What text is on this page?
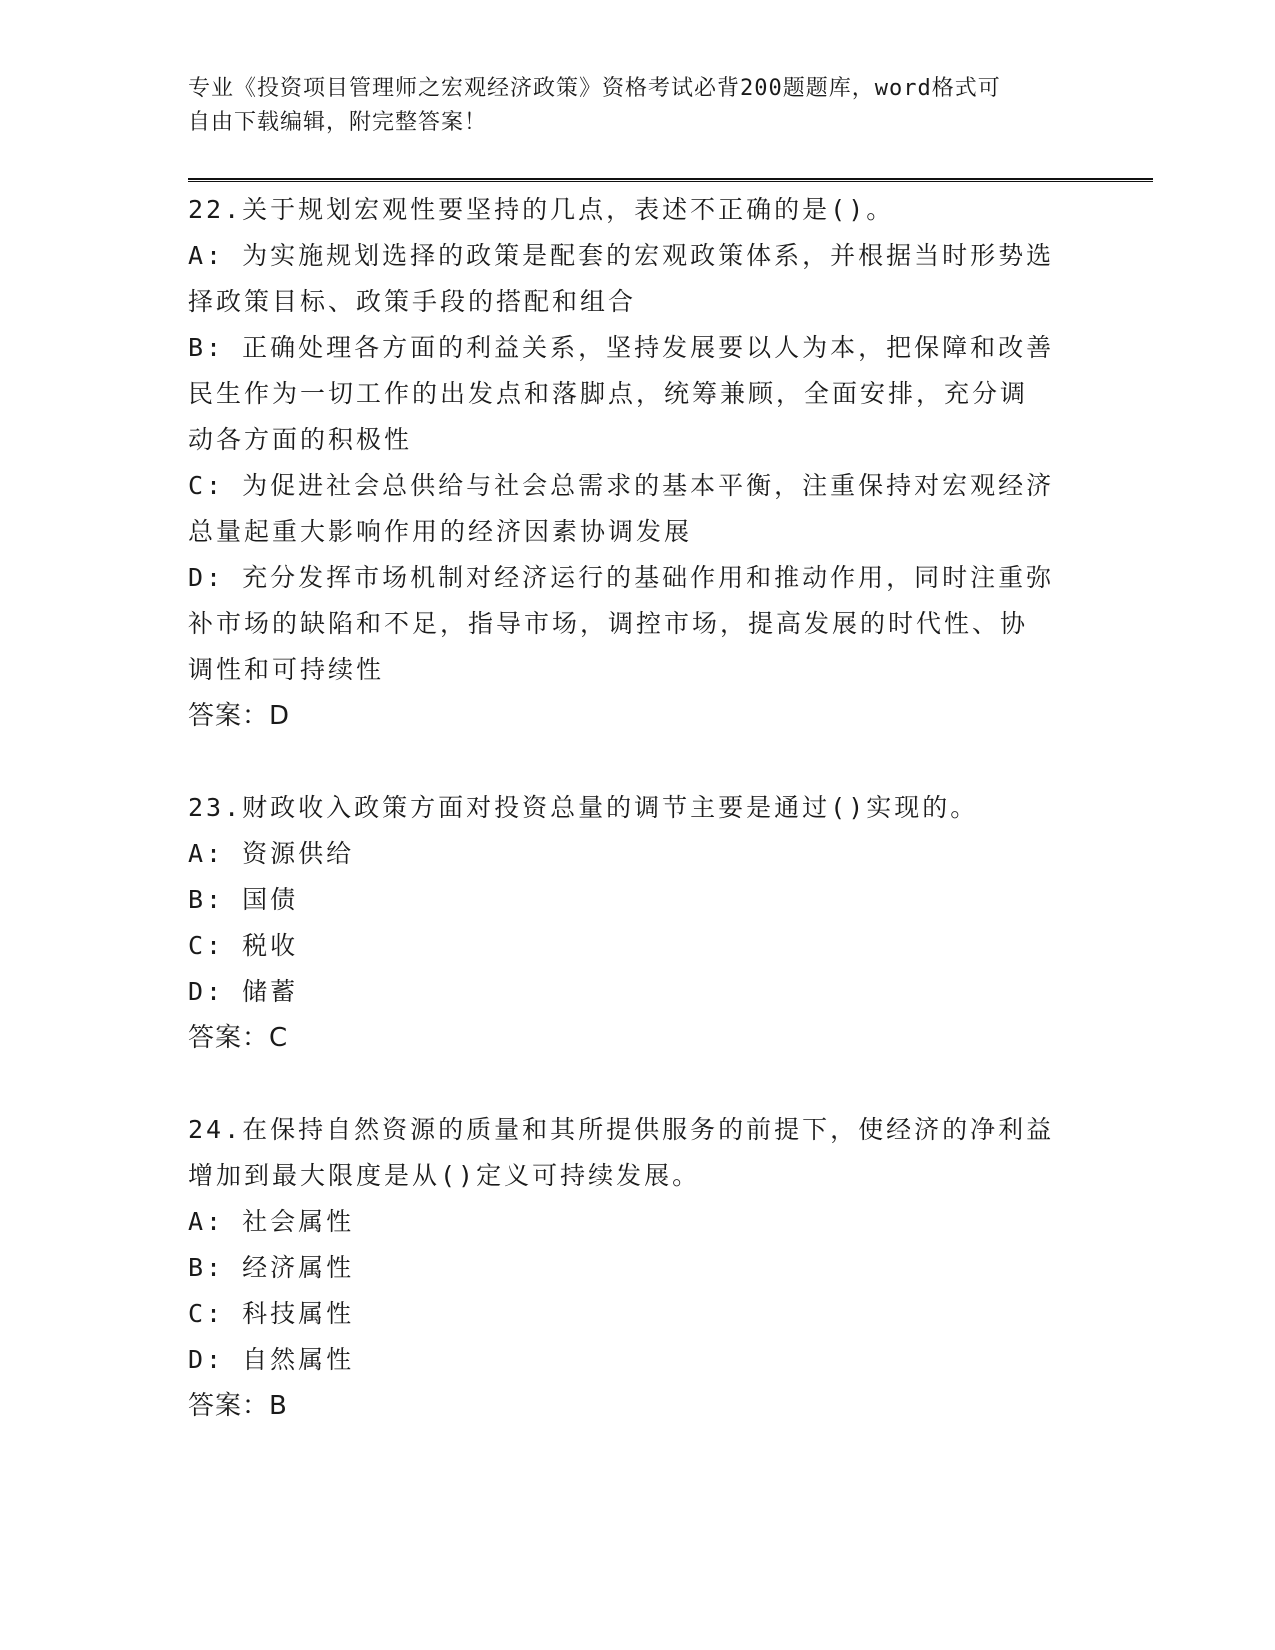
专业《投资项目管理师之宏观经济政策》资格考试必背200题题库，word格式可
自由下载编辑，附完整答案！
22.关于规划宏观性要坚持的几点，表述不正确的是()。
A: 为实施规划选择的政策是配套的宏观政策体系，并根据当时形势选
择政策目标、政策手段的搭配和组合
B: 正确处理各方面的利益关系，坚持发展要以人为本，把保障和改善
民生作为一切工作的出发点和落脚点，统筹兼顾，全面安排，充分调
动各方面的积极性
C: 为促进社会总供给与社会总需求的基本平衡，注重保持对宏观经济
总量起重大影响作用的经济因素协调发展
D: 充分发挥市场机制对经济运行的基础作用和推动作用，同时注重弥
补市场的缺陷和不足，指导市场，调控市场，提高发展的时代性、协
调性和可持续性
答案：D
23.财政收入政策方面对投资总量的调节主要是通过()实现的。
A: 资源供给
B: 国债
C: 税收
D: 储蓄
答案：C
24.在保持自然资源的质量和其所提供服务的前提下，使经济的净利益
增加到最大限度是从()定义可持续发展。
A: 社会属性
B: 经济属性
C: 科技属性
D: 自然属性
答案：B
